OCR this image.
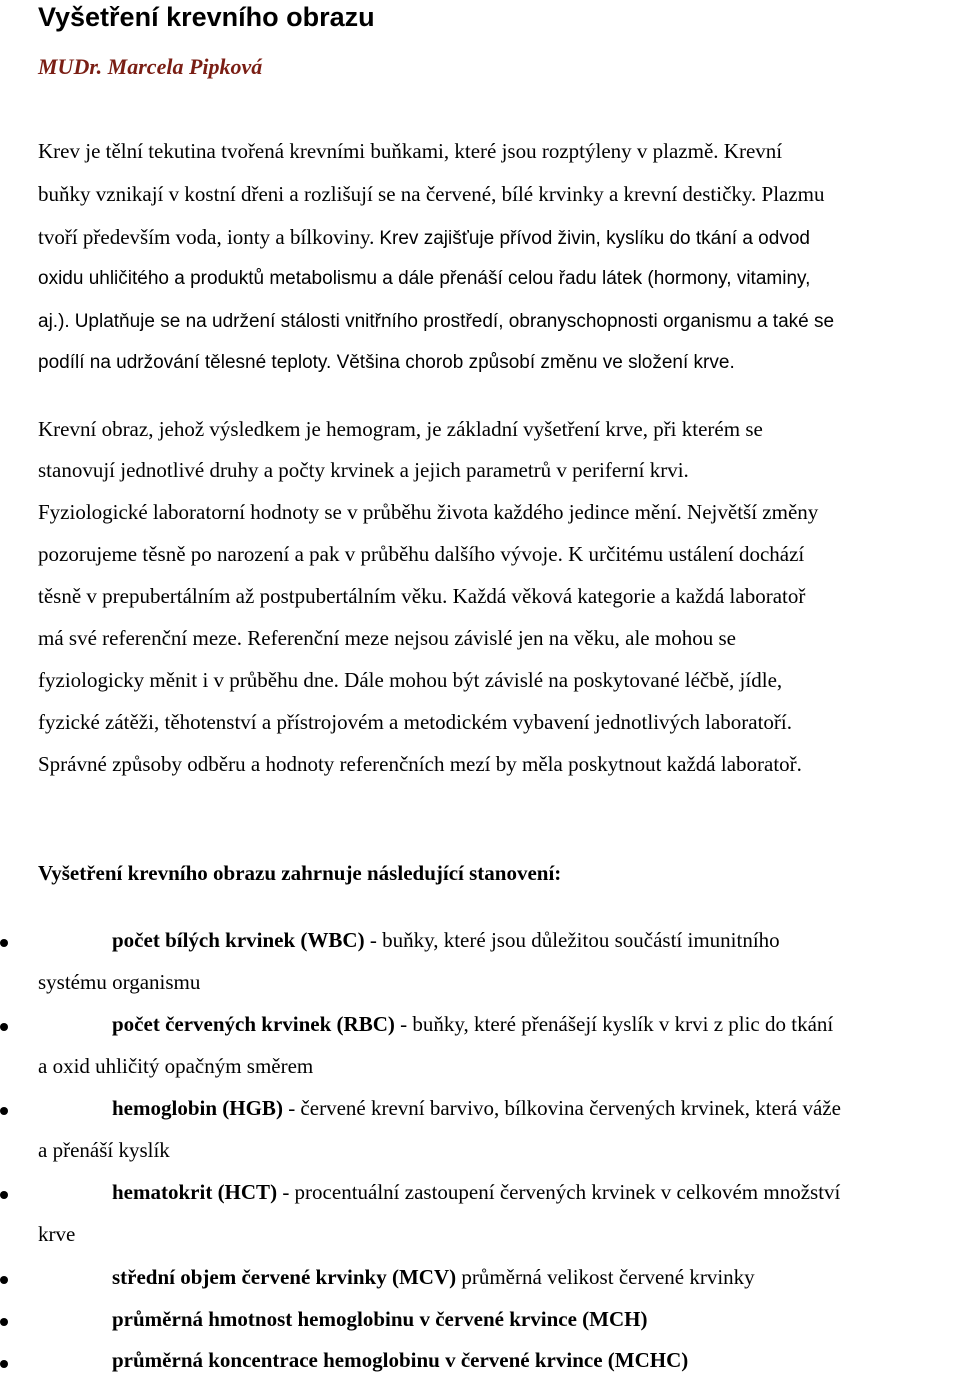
Vyšetření krevního obrazu

MUDr. Marcela Pipková

Krev je tělní tekutina tvořená krevními buňkami, které jsou rozptýleny v plazmě. Krevní

buňky vznikají v kostní dřeni a rozlišují se na červené, bílé krvinky a krevní destičky. Plazmu

tvoří především voda, ionty a bílkoviny. Krev zajišťuje přívod živin, kyslíku do tkání a odvod

oxidu uhličitého a produktů metabolismu a dále přenáší celou řadu látek (hormony, vitaminy,

aj.). Uplatňuje se na udržení stálosti vnitřního prostředí, obranyschopnosti organismu a také se

podílí na udržování tělesné teploty. Většina chorob způsobí změnu ve složení krve.

Krevní obraz, jehož výsledkem je hemogram, je základní vyšetření krve, při kterém se

stanovují jednotlivé druhy a počty krvinek a jejich parametrů v periferní krvi.

Fyziologické laboratorní hodnoty se v průběhu života každého jedince mění. Největší změny

pozorujeme těsně po narození a pak v průběhu dalšího vývoje. K určitému ustálení dochází

těsně v prepubertálním až postpubertálním věku. Každá věková kategorie a každá laboratoř

má své referenční meze. Referenční meze nejsou závislé jen na věku, ale mohou se

fyziologicky měnit i v průběhu dne. Dále mohou být závislé na poskytované léčbě, jídle,

fyzické zátěži, těhotenství a přístrojovém a metodickém vybavení jednotlivých laboratoří.

Správné způsoby odběru a hodnoty referenčních mezí by měla poskytnout každá laboratoř.

Vyšetření krevního obrazu zahrnuje následující stanovení:

počet bílých krvinek (WBC) - buňky, které jsou důležitou součástí imunitního

systému organismu

počet červených krvinek (RBC) - buňky, které přenášejí kyslík v krvi z plic do tkání

a oxid uhličitý opačným směrem

hemoglobin (HGB) - červené krevní barvivo, bílkovina červených krvinek, která váže

a přenáší kyslík

hematokrit (HCT) - procentuální zastoupení červených krvinek v celkovém množství

krve

střední objem červené krvinky (MCV) průměrná velikost červené krvinky

průměrná hmotnost hemoglobinu v červené krvince (MCH)

průměrná koncentrace hemoglobinu v červené krvince (MCHC)
